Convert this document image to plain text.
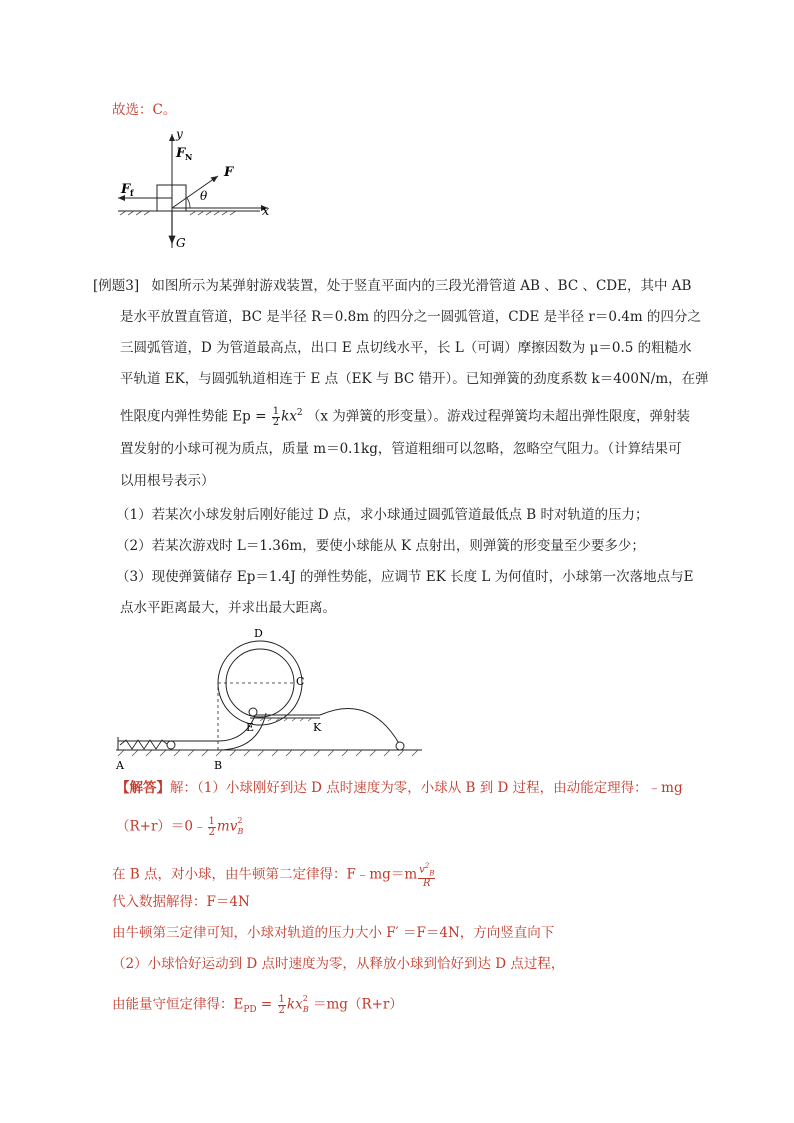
故选：C。
y
x
F N
F
F f	θ
G
[例题3] 如图所示为某弹射游戏装置，处于竖直平面内的三段光滑管道 AB 、BC 、CDE，其中 AB
是水平放置直管道，BC 是半径 R＝0.8m 的四分之一圆弧管道，CDE 是半径 r＝0.4m 的四分之
三圆弧管道，D 为管道最高点，出口 E 点切线水平，长 L（可调）摩擦因数为 μ＝0.5 的粗糙水
平轨道 EK，与圆弧轨道相连于 E 点（EK 与 BC 错开）。已知弹簧的劲度系数 k＝400N/m，在弹
性限度内弹性势能 $Ep = \frac{1}{2} kx^2$ （x 为弹簧的形变量）。游戏过程弹簧均未超出弹性限度，弹射装
置发射的小球可视为质点，质量 m＝0.1kg，管道粗细可以忽略，忽略空气阻力。（计算结果可
以用根号表示）
（1）若某次小球发射后刚好能过 D 点，求小球通过圆弧管道最低点 B 时对轨道的压力；
（2）若某次游戏时 L＝1.36m，要使小球能从 K 点射出，则弹簧的形变量至少要多少；
（3）现使弹簧储存 Ep＝1.4J 的弹性势能，应调节 EK 长度 L 为何值时，小球第一次落地点与E
点水平距离最大，并求出最大距离。
D
C
E	K
A	B
【解答】解：（1）小球刚好到达 D 点时速度为零，小球从 B 到 D 过程，由动能定理得：﹣mg
（R+r）＝0﹣ $\frac{1}{2} mv^2_B$
在 B 点，对小球，由牛顿第二定律得：F﹣mg＝m $\frac{v^2_B}{R}$
代入数据解得：F＝4N
由牛顿第三定律可知，小球对轨道的压力大小 F′ ＝F＝4N，方向竖直向下
（2）小球恰好运动到 D 点时速度为零，从释放小球到恰好到达 D 点过程，
由能量守恒定律得：$E_{PD} = \frac{1}{2} kx^2_B =mg(R+r)$
